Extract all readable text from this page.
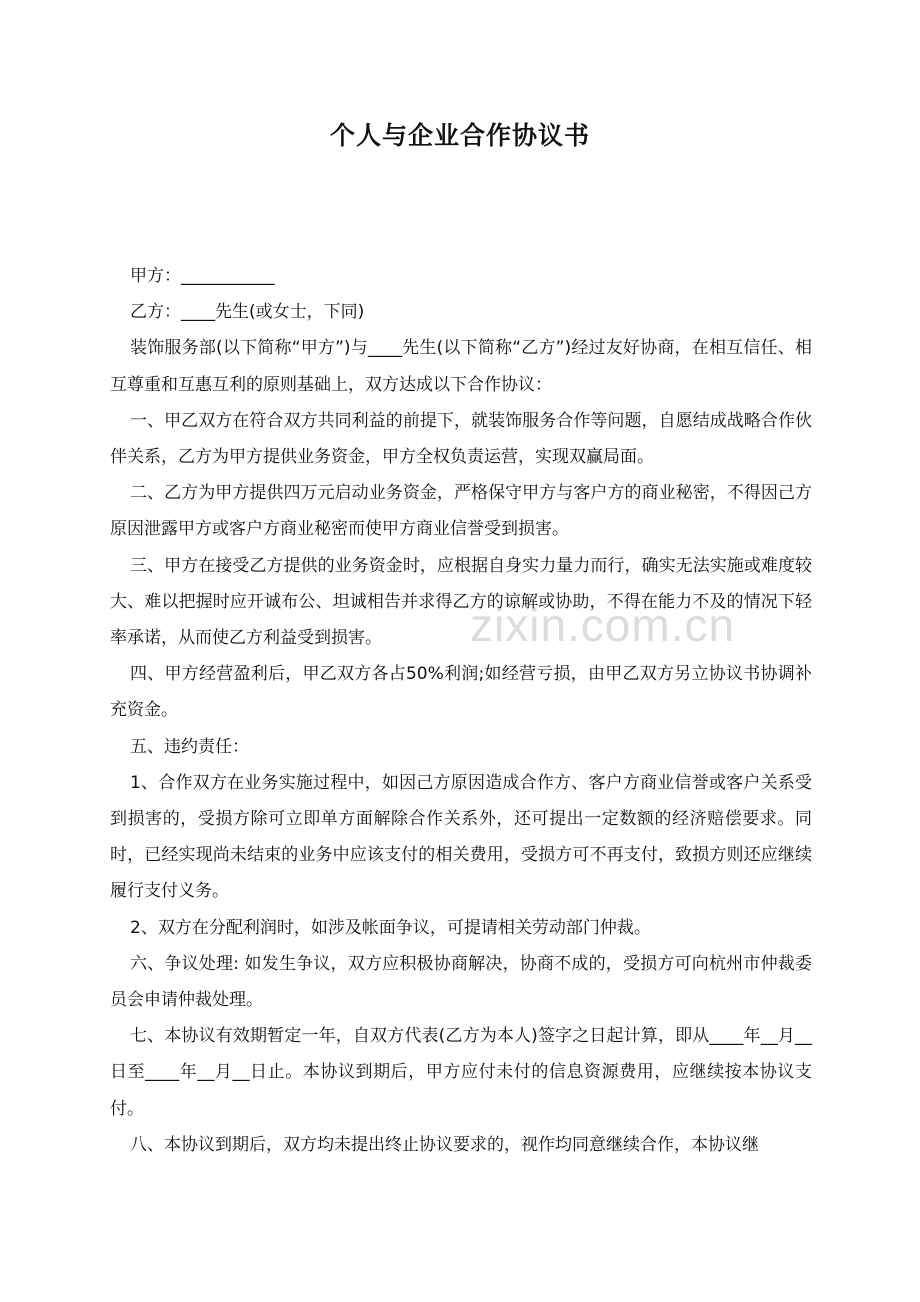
个人与企业合作协议书
zixin.com.cn

甲方：___________

乙方：____先生(或女士，下同)

装饰服务部(以下简称“甲方”)与____先生(以下简称“乙方”)经过友好协商，在相互信任、相互尊重和互惠互利的原则基础上，双方达成以下合作协议：

一、甲乙双方在符合双方共同利益的前提下，就装饰服务合作等问题，自愿结成战略合作伙伴关系，乙方为甲方提供业务资金，甲方全权负责运营，实现双赢局面。

二、乙方为甲方提供四万元启动业务资金，严格保守甲方与客户方的商业秘密，不得因己方原因泄露甲方或客户方商业秘密而使甲方商业信誉受到损害。

三、甲方在接受乙方提供的业务资金时，应根据自身实力量力而行，确实无法实施或难度较大、难以把握时应开诚布公、坦诚相告并求得乙方的谅解或协助，不得在能力不及的情况下轻率承诺，从而使乙方利益受到损害。

四、甲方经营盈利后，甲乙双方各占50%利润;如经营亏损，由甲乙双方另立协议书协调补充资金。

五、违约责任：

1、合作双方在业务实施过程中，如因己方原因造成合作方、客户方商业信誉或客户关系受到损害的，受损方除可立即单方面解除合作关系外，还可提出一定数额的经济赔偿要求。同时，已经实现尚未结束的业务中应该支付的相关费用，受损方可不再支付，致损方则还应继续履行支付义务。

2、双方在分配利润时，如涉及帐面争议，可提请相关劳动部门仲裁。

六、争议处理: 如发生争议，双方应积极协商解决，协商不成的，受损方可向杭州市仲裁委员会申请仲裁处理。

七、本协议有效期暂定一年，自双方代表(乙方为本人)签字之日起计算，即从____年__月__日至____年__月__日止。本协议到期后，甲方应付未付的信息资源费用，应继续按本协议支付。

八、本协议到期后，双方均未提出终止协议要求的，视作均同意继续合作，本协议继
